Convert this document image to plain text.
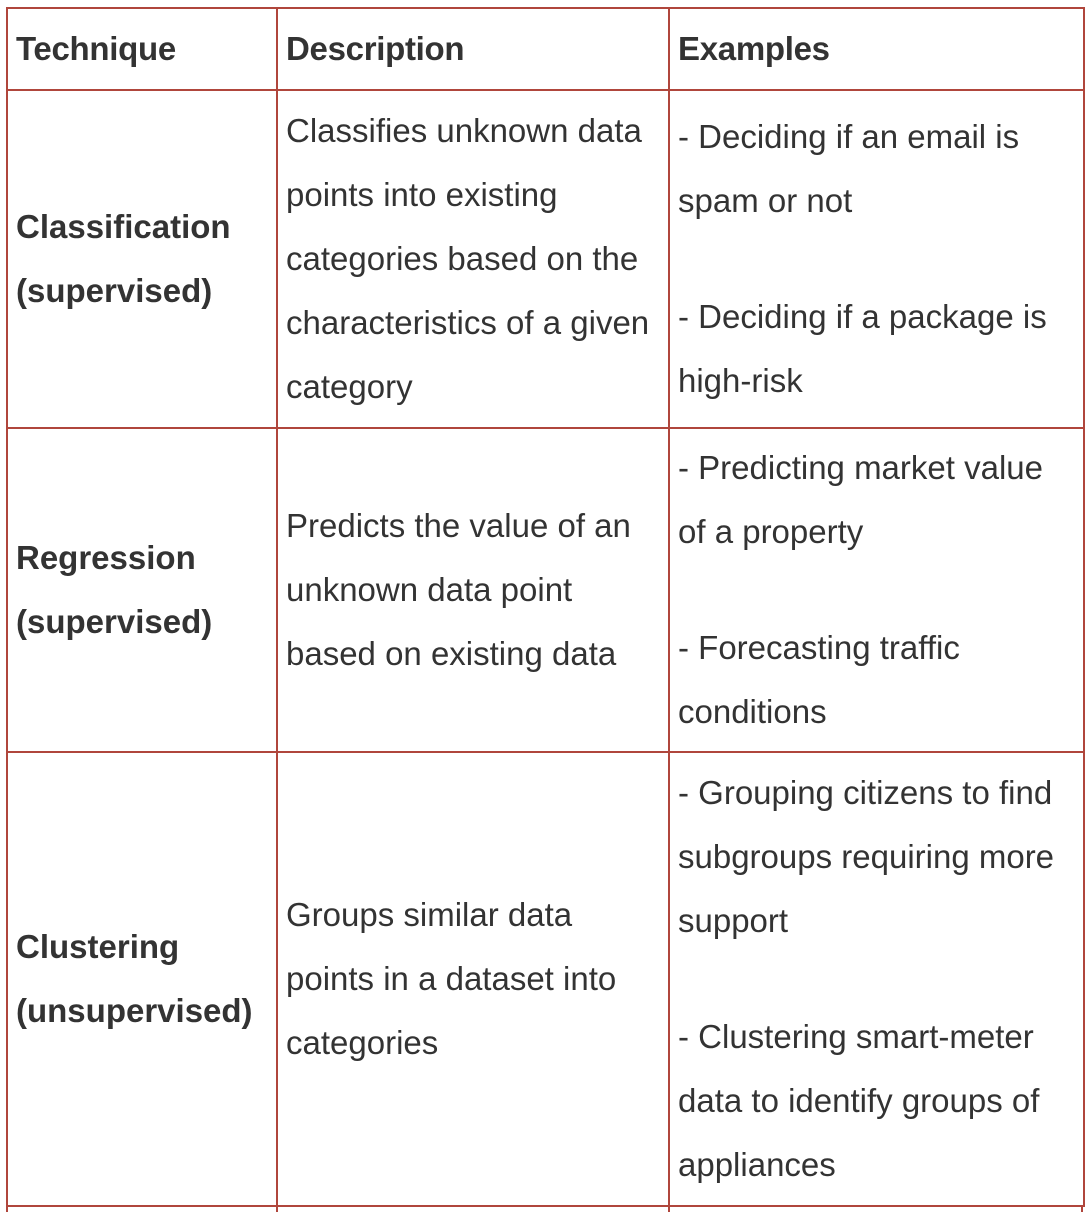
Technique	Description	Examples

Classification
(supervised)	Classifies unknown data points into existing categories based on the characteristics of a given category	- Deciding if an email is spam or not
- Deciding if a package is high-risk

Regression
(supervised)	Predicts the value of an unknown data point based on existing data	- Predicting market value of a property
- Forecasting traffic conditions

Clustering
(unsupervised)	Groups similar data points in a dataset into categories	- Grouping citizens to find subgroups requiring more support
- Clustering smart-meter data to identify groups of appliances
